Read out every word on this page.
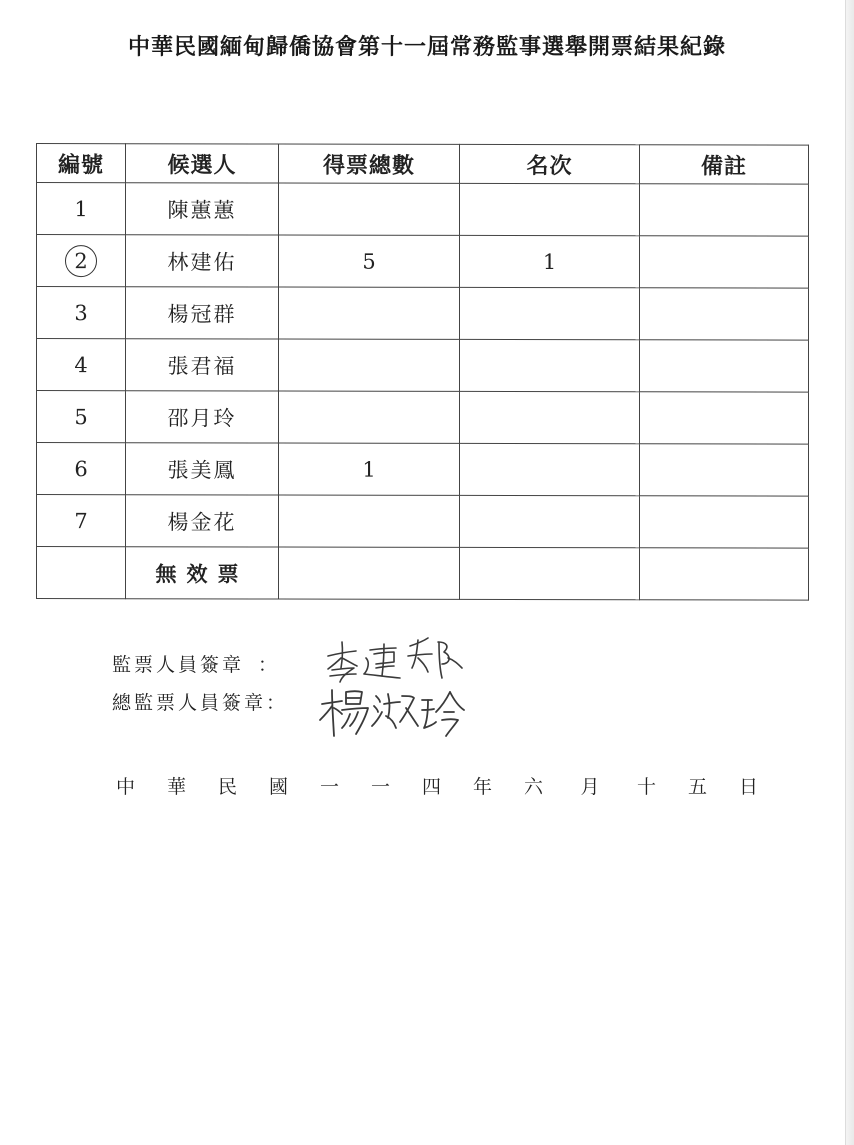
中華民國緬甸歸僑協會第十一屆常務監事選舉開票結果紀錄
編號	候選人	得票總數	名次	備註
1	陳蕙蕙			
2	林建佑	5	1	
3	楊冠群			
4	張君福			
5	邵月玲			
6	張美鳳	1		
7	楊金花			
	無效票			
監票人員簽章 ：
總監票人員簽章：
中	華	民	國	一	一	四	年	六	月	十	五	日
